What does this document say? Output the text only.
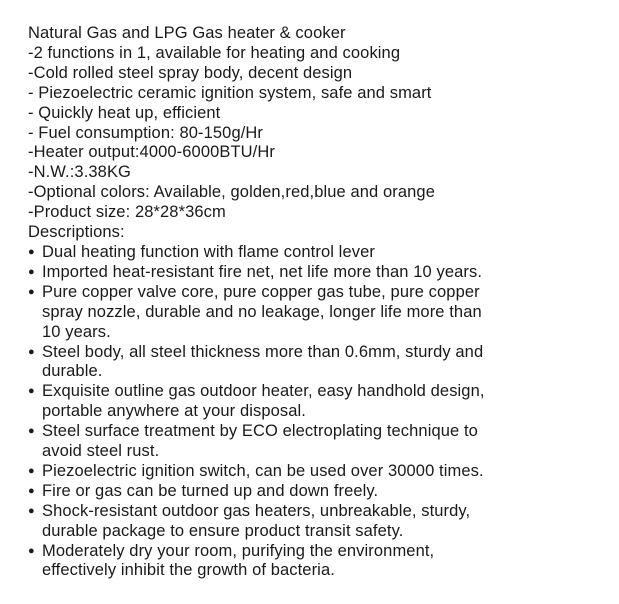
Natural Gas and LPG Gas heater & cooker
-2 functions in 1, available for heating and cooking
-Cold rolled steel spray body, decent design
- Piezoelectric ceramic ignition system, safe and smart
- Quickly heat up, efficient
- Fuel consumption: 80-150g/Hr
-Heater output:4000-6000BTU/Hr
-N.W.:3.38KG
-Optional colors: Available, golden,red,blue and orange
-Product size: 28*28*36cm
Descriptions:
● Dual heating function with flame control lever
● Imported heat-resistant fire net, net life more than 10 years.
● Pure copper valve core, pure copper gas tube, pure copper
spray nozzle, durable and no leakage, longer life more than
10 years.
● Steel body, all steel thickness more than 0.6mm, sturdy and
durable.
● Exquisite outline gas outdoor heater, easy handhold design,
portable anywhere at your disposal.
● Steel surface treatment by ECO electroplating technique to
avoid steel rust.
● Piezoelectric ignition switch, can be used over 30000 times.
● Fire or gas can be turned up and down freely.
● Shock-resistant outdoor gas heaters, unbreakable, sturdy,
durable package to ensure product transit safety.
● Moderately dry your room, purifying the environment,
effectively inhibit the growth of bacteria.
